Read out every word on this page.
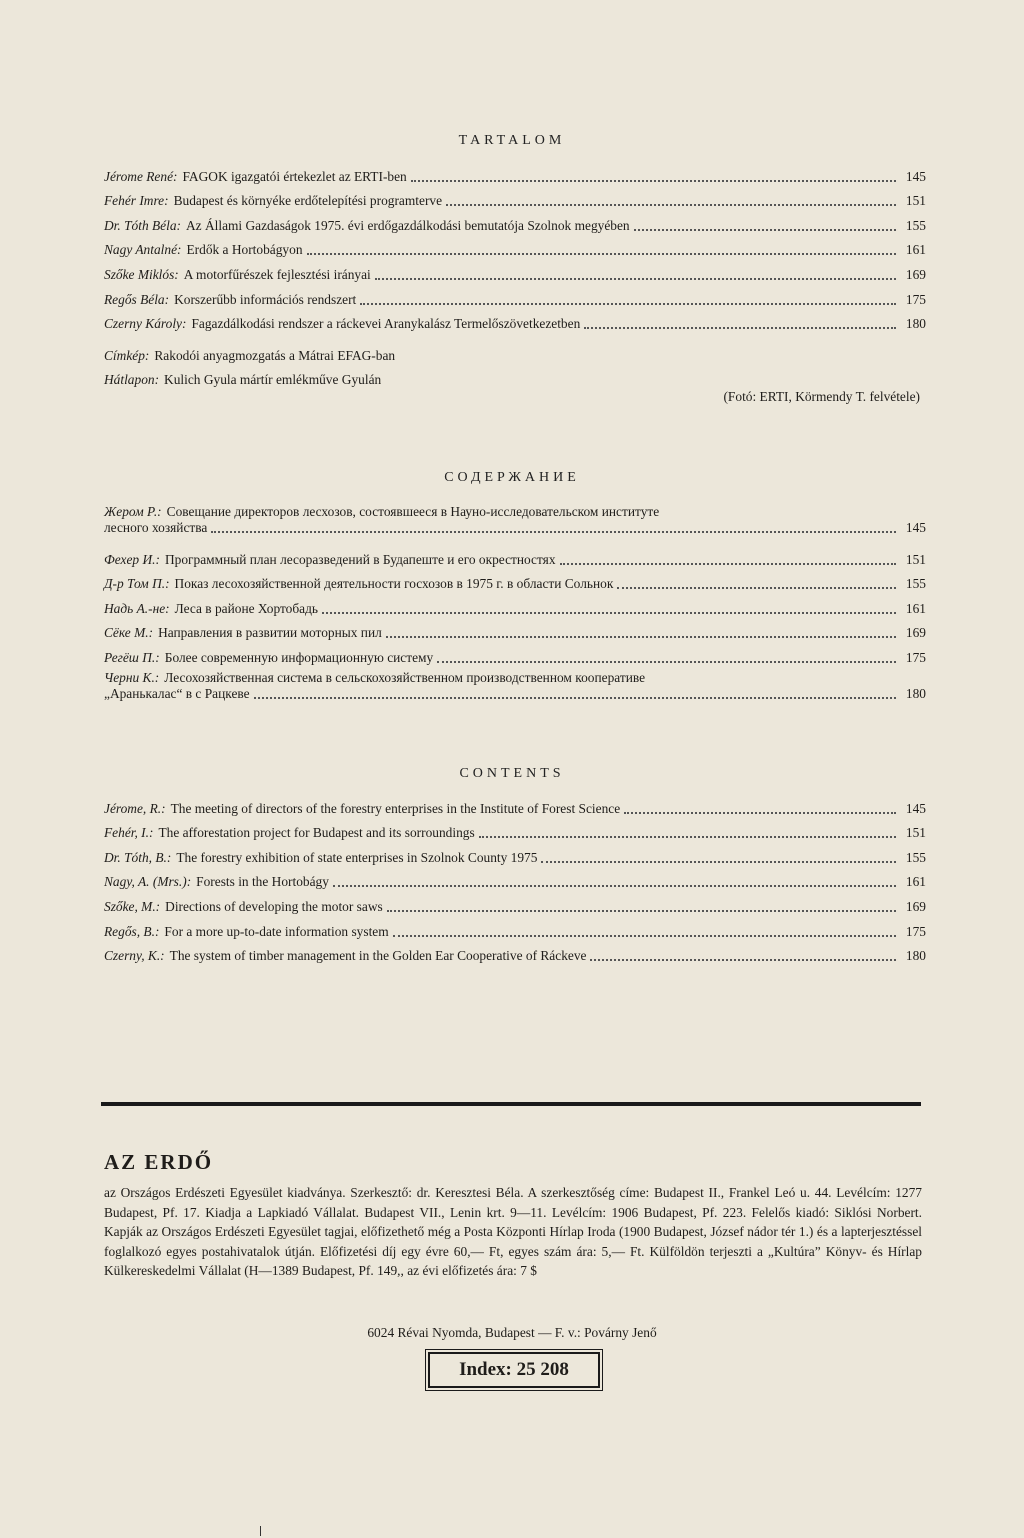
TARTALOM
Jérome René: FAGOK igazgatói értekezlet az ERTI-ben	145
Fehér Imre: Budapest és környéke erdőtelepítési programterve	151
Dr. Tóth Béla: Az Állami Gazdaságok 1975. évi erdőgazdálkodási bemutatója Szolnok megyében	155
Nagy Antalné: Erdők a Hortobágyon	161
Szőke Miklós: A motorfűrészek fejlesztési irányai	169
Regős Béla: Korszerűbb információs rendszert	175
Czerny Károly: Fagazdálkodási rendszer a ráckevei Aranykalász Termelőszövetkezetben	180
Címkép: Rakodói anyagmozgatás a Mátrai EFAG-ban
Hátlapon: Kulich Gyula mártír emlékműve Gyulán
(Fotó: ERTI, Körmendy T. felvétele)
СОДЕРЖАНИЕ
Жером Р.: Совещание директоров лесхозов, состоявшееся в Науно-исследовательском институте
лесного хозяйства	145
Фехер И.: Программный план лесоразведений в Будапеште и его окрестностях	151
Д-р Том П.: Показ лесохозяйственной деятельности госхозов в 1975 г. в области Сольнок	155
Надь А.-не: Леса в районе Хортобадь	161
Сёке М.: Направления в развитии моторных пил	169
Регёш П.: Более современную информационную систему	175
Черни К.: Лесохозяйственная система в сельскохозяйственном производственном кооперативе
„Аранькалас“ в с Рацкеве	180
CONTENTS
Jérome, R.: The meeting of directors of the forestry enterprises in the Institute of Forest Science	145
Fehér, I.: The afforestation project for Budapest and its sorroundings	151
Dr. Tóth, B.: The forestry exhibition of state enterprises in Szolnok County 1975	155
Nagy, A. (Mrs.): Forests in the Hortobágy	161
Szőke, M.: Directions of developing the motor saws	169
Regős, B.: For a more up-to-date information system	175
Czerny, K.: The system of timber management in the Golden Ear Cooperative of Ráckeve	180
AZ ERDŐ
az Országos Erdészeti Egyesület kiadványa. Szerkesztő: dr. Keresztesi Béla. A szerkesztőség címe: Budapest II., Frankel Leó u. 44. Levélcím: 1277 Budapest, Pf. 17. Kiadja a Lapkiadó Vállalat. Budapest VII., Lenin krt. 9—11. Levélcím: 1906 Budapest, Pf. 223. Felelős kiadó: Siklósi Norbert. Kapják az Országos Erdészeti Egyesület tagjai, előfizethető még a Posta Központi Hírlap Iroda (1900 Budapest, József nádor tér 1.) és a lapterjesztéssel foglalkozó egyes postahivatalok útján. Előfizetési díj egy évre 60,— Ft, egyes szám ára: 5,— Ft. Külföldön terjeszti a „Kultúra” Könyv- és Hírlap Külkereskedelmi Vállalat (H—1389 Budapest, Pf. 149,, az évi előfizetés ára: 7 $
6024 Révai Nyomda, Budapest — F. v.: Povárny Jenő
Index: 25 208
